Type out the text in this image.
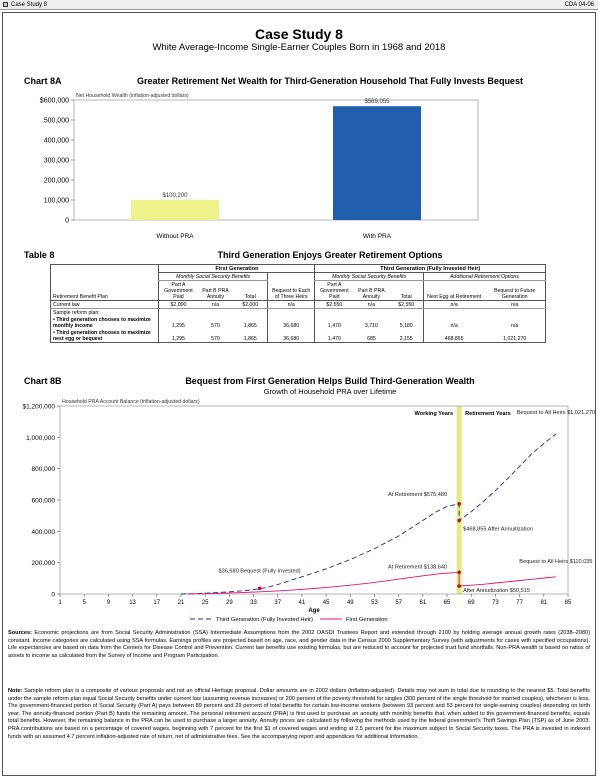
Case Study 8	CDA 04-06
Case Study 8
White Average-Income Single-Earner Couples Born in 1968 and 2018
Chart 8A	Greater Retirement Net Wealth for Third-Generation Household That Fully Invests Bequest
Net Household Wealth (inflation-adjusted dollars)
0
100,000
200,000
300,000
400,000
500,000
$600,000
$100,200
Without PRA
$569,055
With PRA
Table 8	Third Generation Enjoys Greater Retirement Options
	First Generation				Third Generation (Fully Invested Heir)				
	Monthly Social Security Benefits				Monthly Social Security Benefits			Additional Retirement Options	
Retirement Benefit Plan	Part A Government Paid	Part B PRA Annuity	Total	Bequest to Each of Three Heirs	Part A Government Paid	Part B PRA Annuity	Total	Next Egg at Retirement	Bequest to Future Generation
Current law	$2,000	n/a	$2,000	n/a	$2,550	n/a	$2,550	n/a	n/a
Sample reform plan:									
• Third generation chooses to maximize monthly income	1,295	570	1,865	36,680	1,470	3,710	5,180	n/a	n/a
• Third generation chooses to maximize nest egg or bequest	1,295	570	1,865	36,680	1,470	685	2,155	468,855	1,021,270
Chart 8B	Bequest from First Generation Helps Build Third-Generation Wealth
Growth of Household PRA over Lifetime
Household PRA Account Balance (inflation-adjusted dollars)
Working Years Retirement Years
0
200,000
400,000
600,000
800,000
1,000,000
$1,200,000
1	5	9	13	17	21	25	29	33	37	41	45	49	53	57	61	65	69	73	77	81	85
Age
$36,680 Bequest (Fully Invested)
At Retirement $575,480
$468,855 After Annuitization
At Retirement $138,640
After Annuitization $50,515
Bequest to All Heirs $1,021,270
Bequest to All Heirs $110,035
Third Generation (Fully Invested Heir)	First Generation
Sources: Economic projections are from Social Security Administration (SSA) Intermediate Assumptions from the 2002 OASDI Trustees Report and extended through 2100 by holding average annual growth rates (2038–2080) constant. Income categories are calculated using SSA formulas. Earnings profiles are projected based on age, race, and gender data in the Census 2000 Supplementary Survey (with adjustments for cases with specified occupations). Life expectancies are based on data from the Centers for Disease Control and Prevention. Current law benefits use existing formulas, but are reduced to account for projected trust fund shortfalls. Non-PRA wealth is based on ratios of assets to income as calculated from the Survey of Income and Program Participation.
Note: Sample reform plan is a composite of various proposals and not an official Heritage proposal. Dollar amounts are in 2002 dollars (inflation-adjusted). Details may not sum to total due to rounding to the nearest $5. Total benefits under the sample reform plan equal Social Security benefits under current law (assuming revenue increases) or 200 percent of the poverty threshold for singles (300 percent of the single threshold for married couples), whichever is less. The government-financed portion of Social Security (Part A) pays between 89 percent and 29 percent of total benefits for certain low-income workers (between 93 percent and 53 percent for single-earning couples) depending on birth year. The annuity-financed portion (Part B) funds the remaining amount. The personal retirement account (PRA) is first used to purchase an annuity with monthly benefits that, when added to the government-financed benefits, equals total benefits. However, the remaining balance in the PRA can be used to purchase a larger annuity. Annuity prices are calculated by following the methods used by the federal government's Thrift Savings Plan (TSP) as of June 2003. PRA contributions are based on a percentage of covered wages, beginning with 7 percent for the first $1 of covered wages and ending at 2.5 percent for the maximum subject to Social Security taxes. The PRA is invested in indexed funds with an assumed 4.7 percent inflation-adjusted rate of return, net of administrative fees. See the accompanying report and appendices for additional information.
